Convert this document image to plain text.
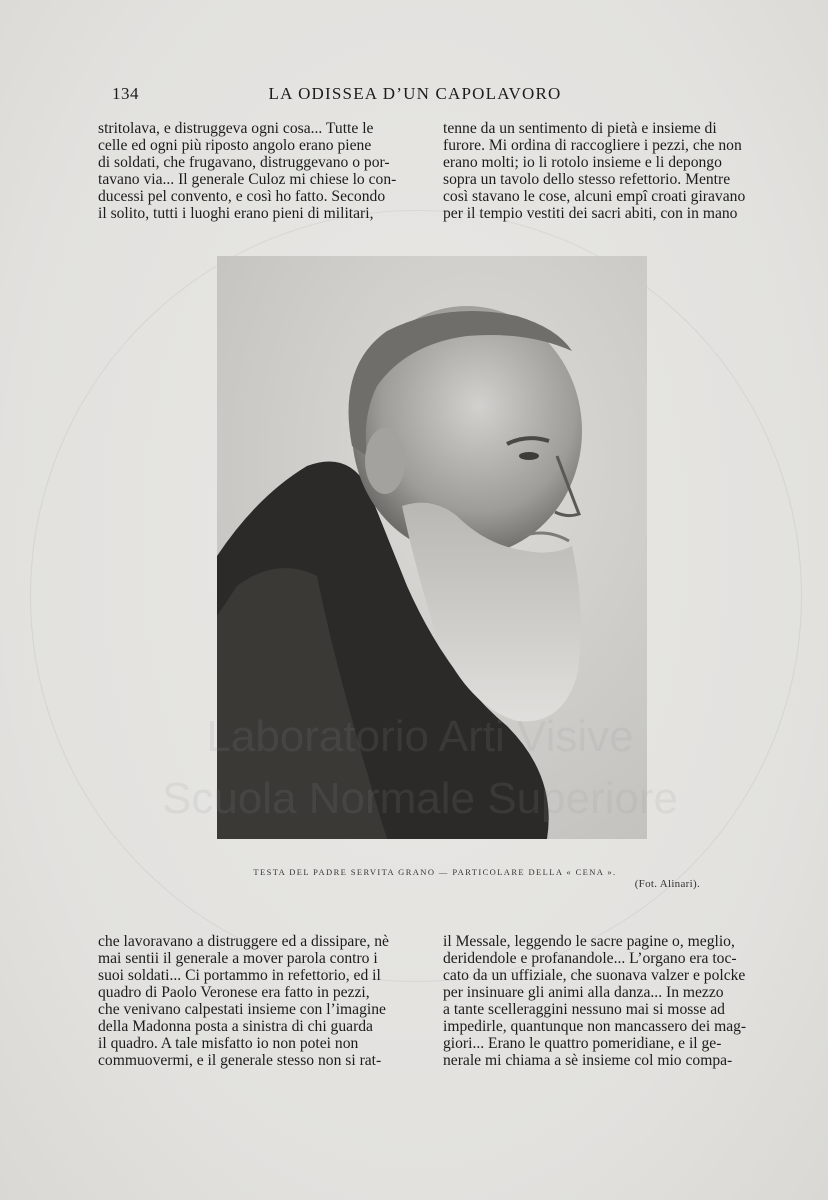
134	LA ODISSEA D’UN CAPOLAVORO
stritolava, e distruggeva ogni cosa... Tutte le
celle ed ogni più riposto angolo erano piene
di soldati, che frugavano, distruggevano o por-
tavano via... Il generale Culoz mi chiese lo con-
ducessi pel convento, e così ho fatto. Secondo
il solito, tutti i luoghi erano pieni di militari,
tenne da un sentimento di pietà e insieme di
furore. Mi ordina di raccogliere i pezzi, che non
erano molti; io li rotolo insieme e li depongo
sopra un tavolo dello stesso refettorio. Mentre
così stavano le cose, alcuni empî croati giravano
per il tempio vestiti dei sacri abiti, con in mano
TESTA DEL PADRE SERVITA GRANO — PARTICOLARE DELLA « CENA ».
(Fot. Alinari).
che lavoravano a distruggere ed a dissipare, nè
mai sentii il generale a mover parola contro i
suoi soldati... Ci portammo in refettorio, ed il
quadro di Paolo Veronese era fatto in pezzi,
che venivano calpestati insieme con l’imagine
della Madonna posta a sinistra di chi guarda
il quadro. A tale misfatto io non potei non
commuovermi, e il generale stesso non si rat-
il Messale, leggendo le sacre pagine o, meglio,
deridendole e profanandole... L’organo era toc-
cato da un uffiziale, che suonava valzer e polcke
per insinuare gli animi alla danza... In mezzo
a tante scelleraggini nessuno mai si mosse ad
impedirle, quantunque non mancassero dei mag-
giori... Erano le quattro pomeridiane, e il ge-
nerale mi chiama a sè insieme col mio compa-
